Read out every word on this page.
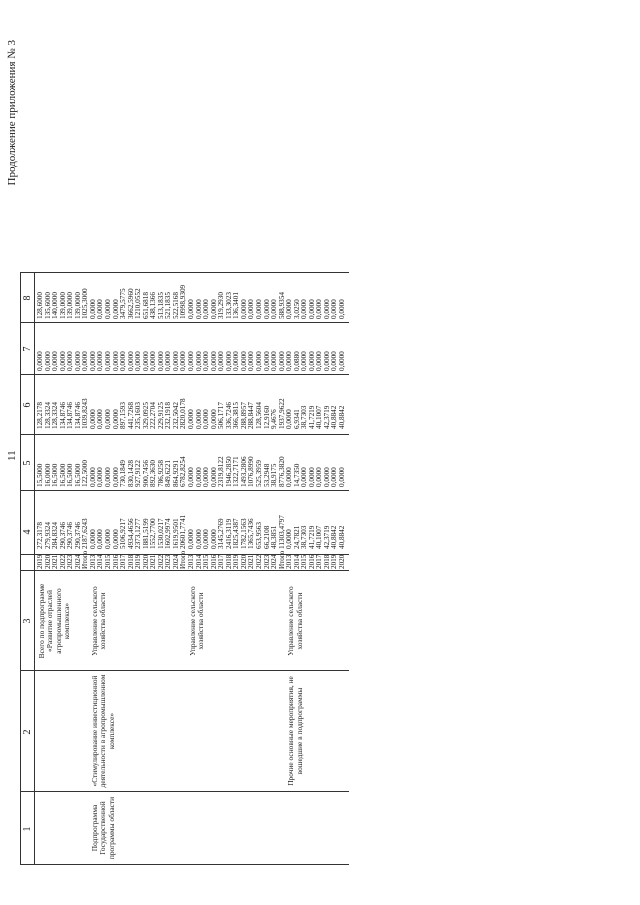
11
Продолжение приложения № 3
1
2
3
4
5
6
7
8
2019
272,3178
15,5000
128,2178
0,0000
128,6000
2020
279,9324
16,0000
128,3324
0,0000
135,6000
2021
284,8324
16,5000
128,3324
0,0000
140,0000
2022
290,3746
16,5000
134,8746
0,0000
139,0000
2023
290,3746
16,5000
134,8746
0,0000
139,0000
2024
290,3746
16,5000
134,8746
0,0000
139,0000
Итого
2187,6243
122,5000
1039,8243
0,0000
1025,3000
Всего по подпрограмме «Развитие отраслей агропромышленного комплекса»
2013
0,0000
0,0000
0,0000
0,0000
0,0000
2014
0,0000
0,0000
0,0000
0,0000
0,0000
2015
0,0000
0,0000
0,0000
0,0000
0,0000
2016
0,0000
0,0000
0,0000
0,0000
0,0000
2017
5106,9217
730,1849
897,1593
0,0000
3479,5775
2018
4934,4656
830,1428
441,7268
0,0000
3662,5960
2019
2373,1277
927,9122
235,1603
0,0000
1210,0552
2020
1881,5199
900,7456
329,0925
0,0000
651,6818
2021
1552,7700
892,3630
222,2704
0,0000
438,1366
2022
1530,0217
786,9258
229,9125
0,0000
513,1835
2023
1602,9974
849,6221
232,1918
0,0000
521,1835
2024
1619,9501
864,9291
232,5042
0,0000
522,5168
Итого
20601,7741
6782,8254
2820,0178
0,0000
10998,9309
Подпрограмма Государственной программы области
«Стимулирование инвестиционной деятельности в агропромышленном комплексе»
Управление сельского хозяйства области
2013
0,0000
0,0000
0,0000
0,0000
0,0000
2014
0,0000
0,0000
0,0000
0,0000
0,0000
2015
0,0000
0,0000
0,0000
0,0000
0,0000
2016
0,0000
0,0000
0,0000
0,0000
0,0000
2017
3145,2769
2319,8122
506,1717
0,0000
319,2930
2018
2416,3119
1946,2850
336,7246
0,0000
133,3023
2019
1825,4387
1322,7171
366,3815
0,0000
136,3401
2020
1782,1563
1493,2806
288,8957
0,0000
0,0000
2021
1365,7436
1076,8990
288,8447
0,0000
0,0000
2022
653,9563
525,3959
128,5604
0,0000
0,0000
2023
66,2108
53,2948
12,9160
0,0000
0,0000
2024
48,3851
38,9175
9,4676
0,0000
0,0000
Итого
11303,4797
8776,3820
1937,9622
0,0000
588,9354
Управление сельского хозяйства области
2013
0,0000
0,0000
0,0000
0,0000
0,0000
2014
24,7821
14,7350
6,9341
0,0880
3,0250
2015
38,7303
0,0000
38,7303
0,0000
0,0000
2016
41,7219
0,0000
41,7219
0,0000
0,0000
2017
40,1007
0,0000
40,1007
0,0000
0,0000
2018
42,3719
0,0000
42,3719
0,0000
0,0000
2019
40,8842
0,0000
40,8842
0,0000
0,0000
2020
40,8842
0,0000
40,8842
0,0000
0,0000
Прочие основные мероприятия, не вошедшие в подпрограммы
Управление сельского хозяйства области
